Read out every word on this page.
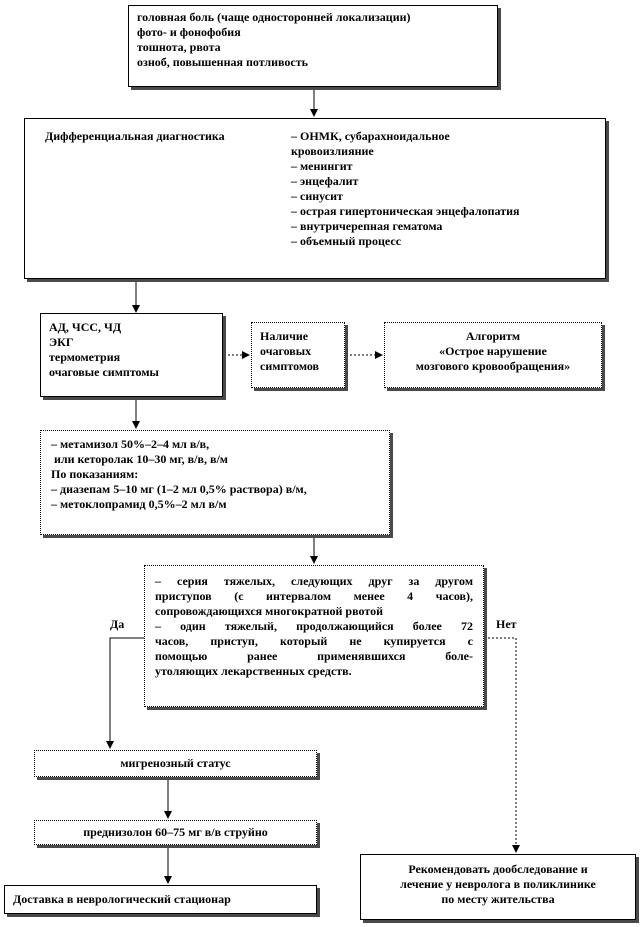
головная боль (чаще односторонней локализации)
фото- и фонофобия
тошнота, рвота
озноб, повышенная потливость
Дифференциальная диагностика	– ОНМК, субарахноидальное
кровоизлияние
– менингит
– энцефалит
– синусит
– острая гипертоническая энцефалопатия
– внутричерепная гематома
– объемный процесс
АД, ЧСС, ЧД
ЭКГ
термометрия
очаговые симптомы
Наличие
очаговых
симптомов
Алгоритм
«Острое нарушение
мозгового кровообращения»
– метамизол 50%–2–4 мл в/в,
или кеторолак 10–30 мг, в/в, в/м
По показаниям:
– диазепам 5–10 мг (1–2 мл 0,5% раствора) в/м,
– метоклопрамид 0,5%–2 мл в/м
– серия тяжелых, следующих друг за другом
приступов (с интервалом менее 4 часов),
сопровождающихся многократной рвотой
– один тяжелый, продолжающийся более 72
часов, приступ, который не купируется с
помощью ранее применявшихся боле-
утоляющих лекарственных средств.
Да	Нет
мигренозный статус
преднизолон 60–75 мг в/в струйно
Доставка в неврологический стационар
Рекомендовать дообследование и
лечение у невролога в поликлинике
по месту жительства
